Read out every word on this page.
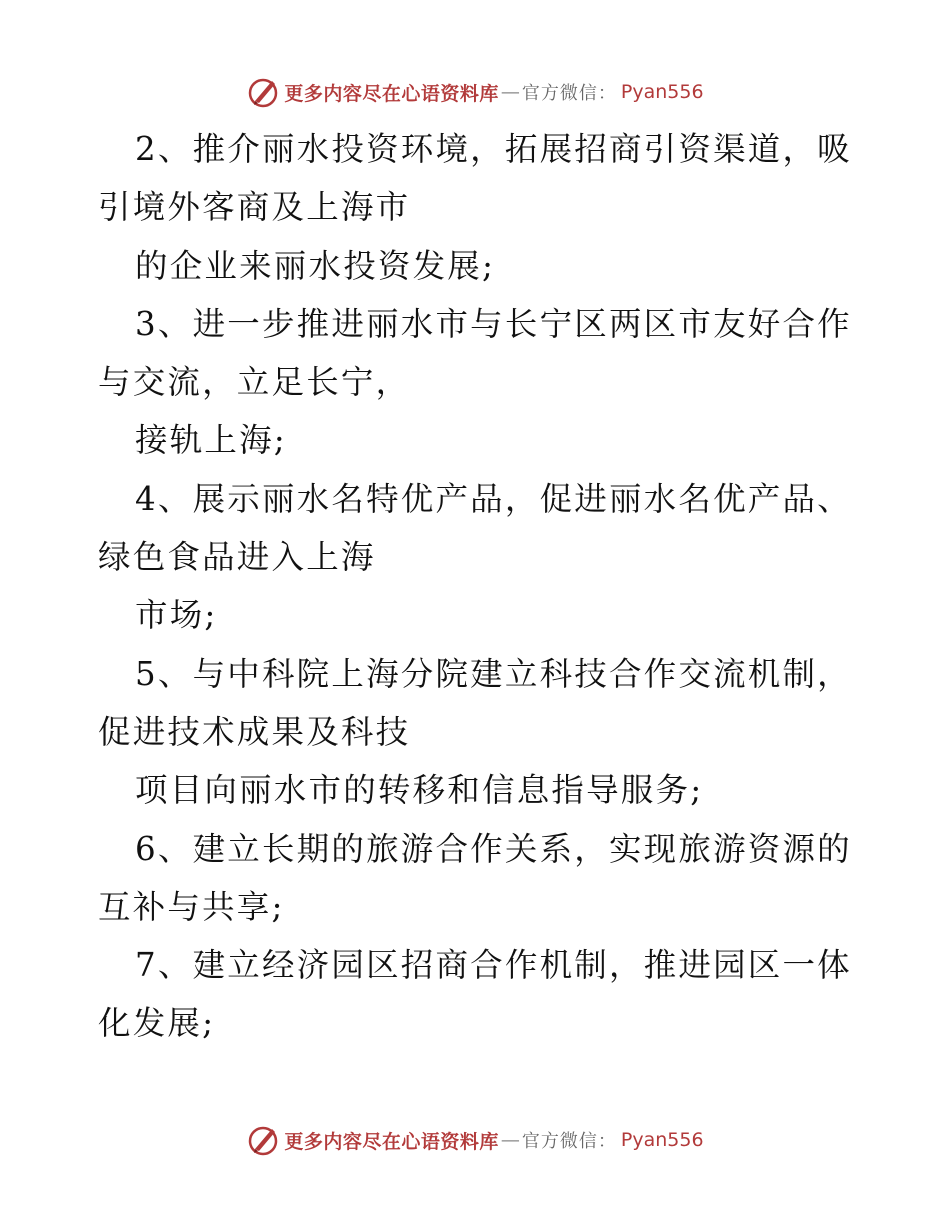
更多内容尽在心语资料库 — 官方微信： Pyan556
2、推介丽水投资环境，拓展招商引资渠道，吸
引境外客商及上海市
的企业来丽水投资发展;
3、进一步推进丽水市与长宁区两区市友好合作
与交流，立足长宁，
接轨上海;
4、展示丽水名特优产品，促进丽水名优产品、
绿色食品进入上海
市场;
5、与中科院上海分院建立科技合作交流机制，
促进技术成果及科技
项目向丽水市的转移和信息指导服务;
6、建立长期的旅游合作关系，实现旅游资源的
互补与共享;
7、建立经济园区招商合作机制，推进园区一体
化发展;
更多内容尽在心语资料库 — 官方微信： Pyan556
